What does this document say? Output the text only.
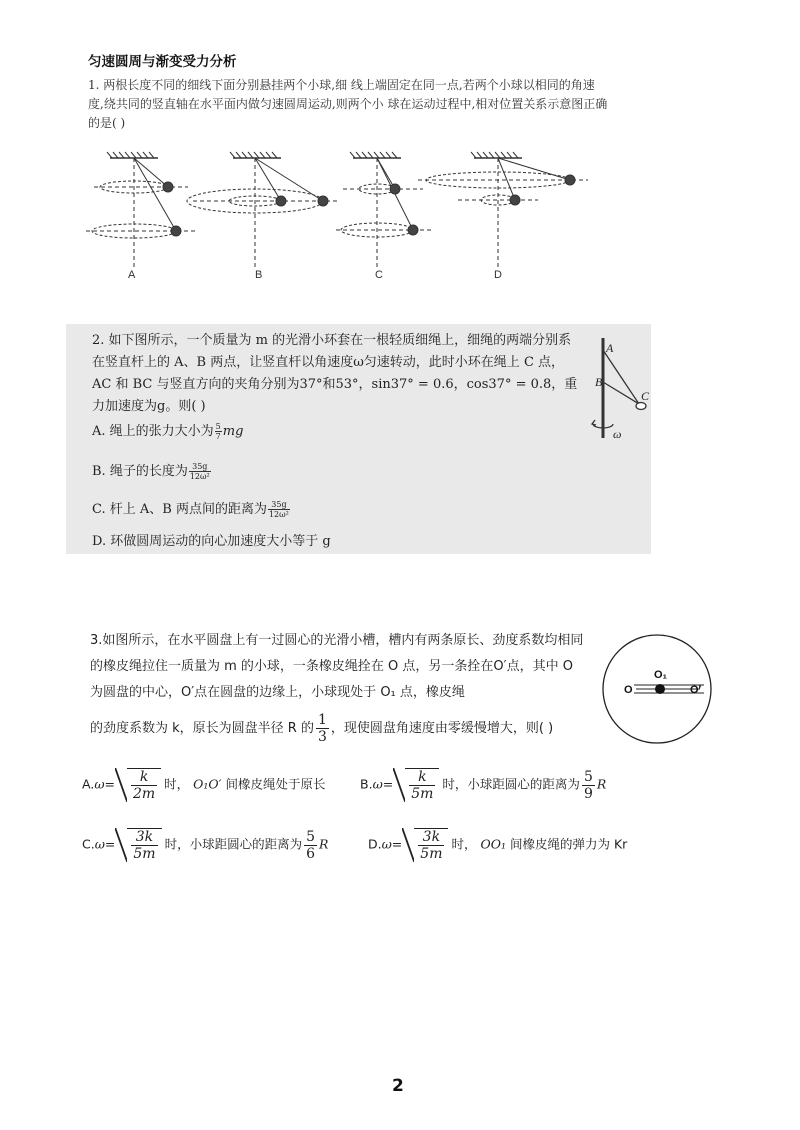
匀速圆周与渐变受力分析
1. 两根长度不同的细线下面分别悬挂两个小球,细 线上端固定在同一点,若两个小球以相同的角速度,绕共同的竖直轴在水平面内做匀速圆周运动,则两个小 球在运动过程中,相对位置关系示意图正确的是( )
A	B	C	D
2. 如下图所示，一个质量为 m 的光滑小环套在一根轻质细绳上，细绳的两端分别系在竖直杆上的 A、B 两点，让竖直杆以角速度ω匀速转动，此时小环在绳上 C 点，AC 和 BC 与竖直方向的夹角分别为37°和53°，sin37° = 0.6，cos37° = 0.8，重力加速度为g。则( )
A. 绳上的张力大小为 $\frac{5}{7}$ mg
B. 绳子的长度为 $\frac{35g}{\text{12ω²}}$
C. 杆上 A、B 两点间的距离为 $\frac{35g}{\text{12ω²}}$
D. 环做圆周运动的向心加速度大小等于 g
A
B
C
ω
3.如图所示，在水平圆盘上有一过圆心的光滑小槽，槽内有两条原长、劲度系数均相同的橡皮绳拉住一质量为 m 的小球，一条橡皮绳拴在 O 点，另一条拴在O′点，其中 O 为圆盘的中心，O′点在圆盘的边缘上，小球现处于 O₁ 点，橡皮绳
的劲度系数为 k，原长为圆盘半径 R 的 $\frac{1}{3}$ ，现使圆盘角速度由零缓慢增大，则( )
O
O₁
O′
$A.\omega= \frac{k}{2m}$ 时， O₁O′ 间橡皮绳处于原长	$B.\omega= \frac{k}{5m}$ 时，小球距圆心的距离为 $\frac{5}{9}$ R
$C.\omega= \frac{3k}{5m}$ 时，小球距圆心的距离为 $\frac{5}{6}$ R	$D.\omega= \frac{3k}{5m}$ 时， OO₁ 间橡皮绳的弹力为 Kr
2
